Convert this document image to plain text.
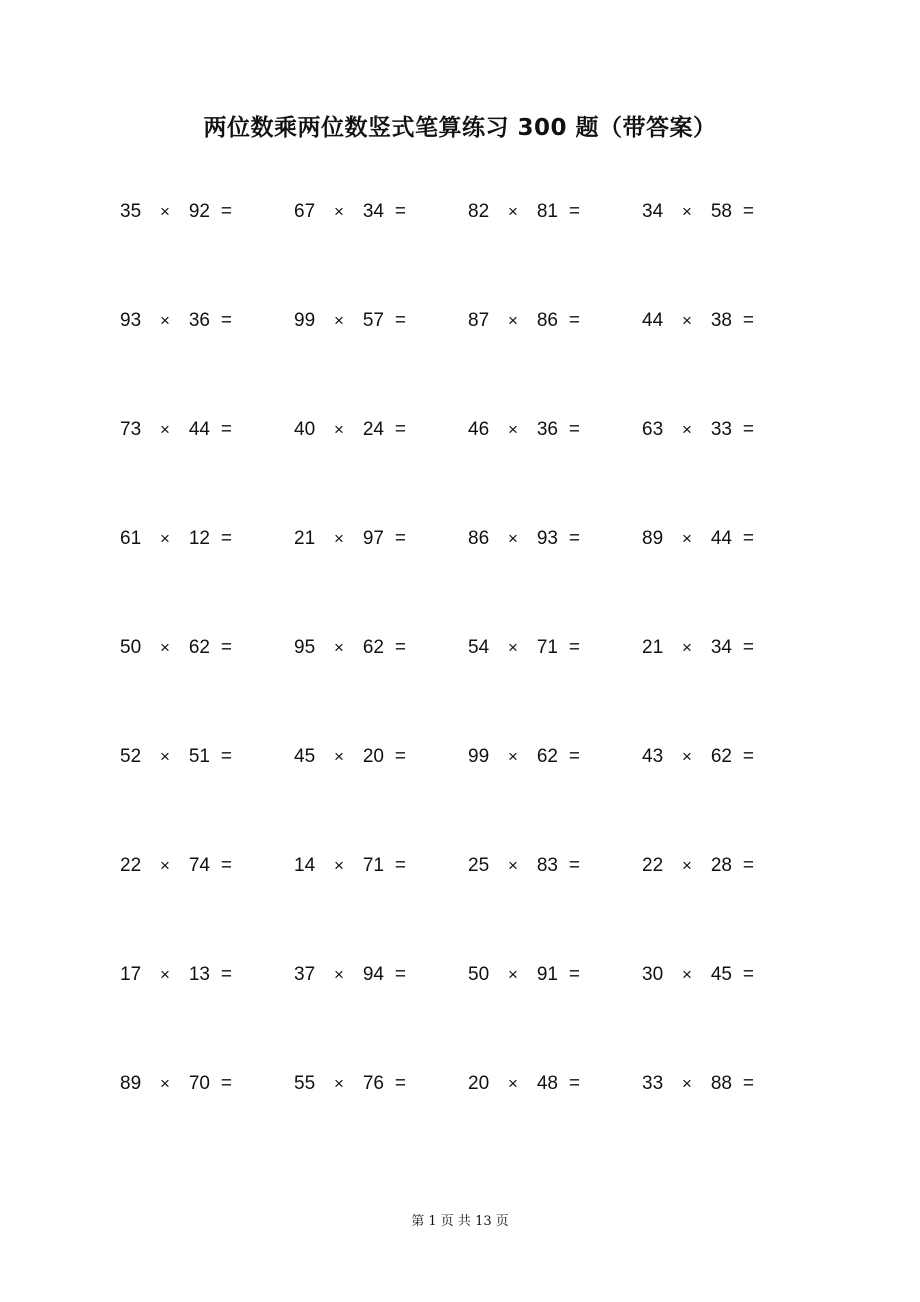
两位数乘两位数竖式笔算练习 300 题（带答案）
35 × 92 =	67 × 34 =	82 × 81 =	34 × 58 =
93 × 36 =	99 × 57 =	87 × 86 =	44 × 38 =
73 × 44 =	40 × 24 =	46 × 36 =	63 × 33 =
61 × 12 =	21 × 97 =	86 × 93 =	89 × 44 =
50 × 62 =	95 × 62 =	54 × 71 =	21 × 34 =
52 × 51 =	45 × 20 =	99 × 62 =	43 × 62 =
22 × 74 =	14 × 71 =	25 × 83 =	22 × 28 =
17 × 13 =	37 × 94 =	50 × 91 =	30 × 45 =
89 × 70 =	55 × 76 =	20 × 48 =	33 × 88 =
第 1 页 共 13 页
